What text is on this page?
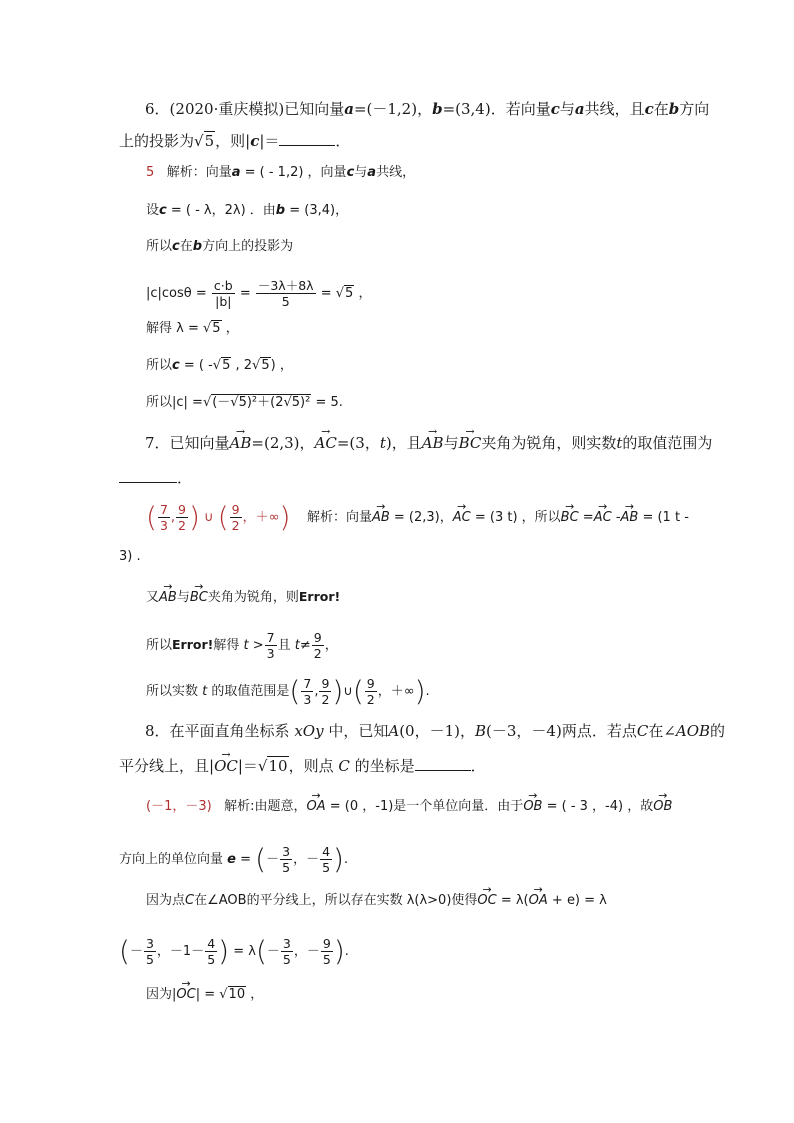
6．(2020·重庆模拟)已知向量a=(－1,2)，b=(3,4)．若向量c与a共线，且c在b方向
上的投影为√5，则|c|＝	．
5 解析：向量a = ( - 1,2) ，向量c与a共线，
设c = ( - λ，2λ) ．由b = (3,4)，
所以c在b方向上的投影为
$|c|\cos\theta = \frac{c\cdot b}{|b|} = \frac{-3\lambda+8\lambda}{5} = √5$ ，
解得 λ = √5 ，
所以c = ( -√5 , 2√5) ，
所以|c| =√(－√5)²＋(2√5)² = 5.
7．已知向量→ AB=(2,3)，→ AC=(3，t)，且→ AB与→ BC夹角为锐角，则实数t的取值范围为
．
( $\frac{7}{3}$ , $\frac{9}{2}$ ) ∪ ( $\frac{9}{2}$ ，＋∞) 解析：向量→ AB = (2,3)，→ AC = (3 t) ，所以→ BC =→ AC -→ AB = (1 t -
3) .
又→ AB与→ BC夹角为锐角，则Error!
所以Error!解得 $t > \frac{7}{3}$ 且 $t\ne \frac{9}{2}$ ，
所以实数 t 的取值范围是( $\frac{7}{3}$ , $\frac{9}{2}$ )∪( $\frac{9}{2}$ ，＋∞).
8．在平面直角坐标系 xOy 中，已知A(0，－1)，B(－3，－4)两点．若点C在∠AOB的
平分线上，且|→ OC|＝√10，则点 C 的坐标是	．
(－1，－3) 解析:由题意，→ OA = (0 ，-1)是一个单位向量．由于→ OB = ( - 3 ，-4) ，故→ OB
方向上的单位向量 e = (－ $\frac{3}{5}$ ，－ $\frac{4}{5}$ ).
因为点C在∠AOB的平分线上，所以存在实数 λ(λ>0)使得→ OC = λ(→ OA + e) = λ
(－ $\frac{3}{5}$ ，$-1- \frac{4}{5}$ ) = $\lambda(- \frac{3}{5}$ ，－ $\frac{9}{5}$ ).
因为|→ OC| = √10 ，
